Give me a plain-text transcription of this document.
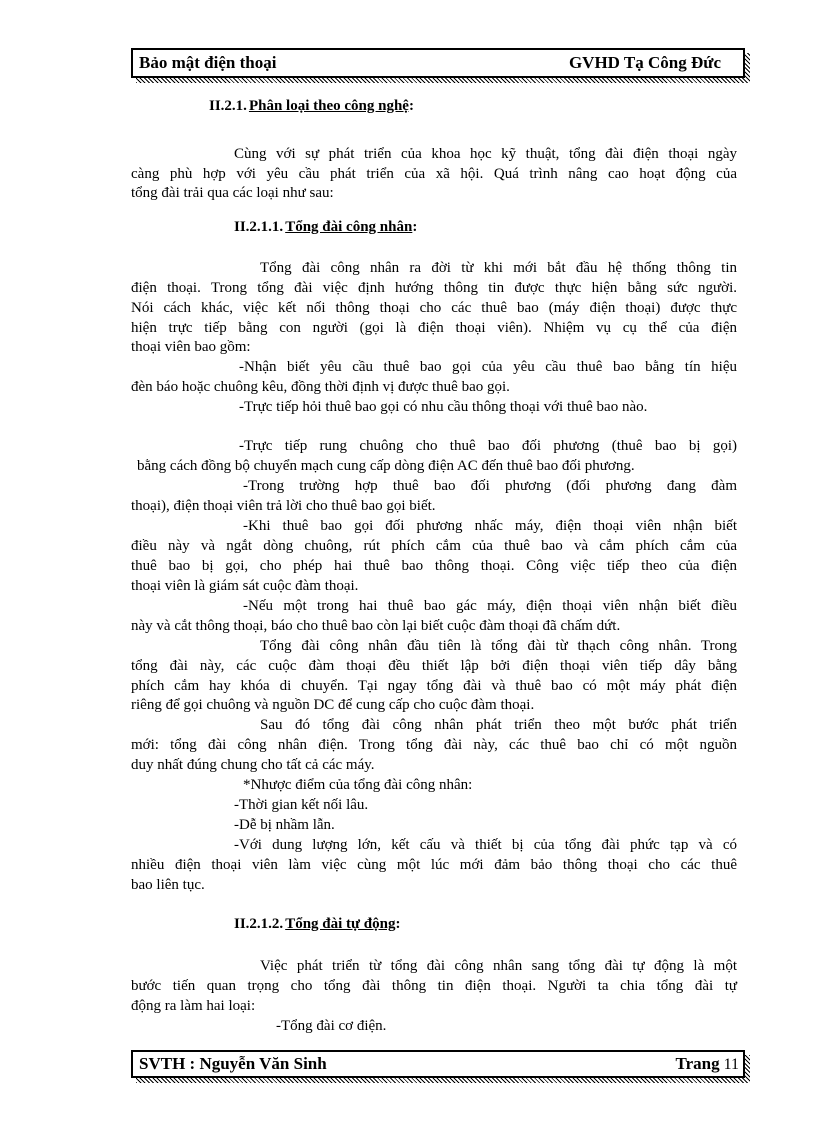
Bảo mật điện thoại	GVHD Tạ Công Đức
II.2.1. Phân loại theo công nghệ:
Cùng với sự phát triển của khoa học kỹ thuật, tổng đài điện thoại ngày
càng phù hợp với yêu cầu phát triển của xã hội. Quá trình nâng cao hoạt động của
tổng đài trải qua các loại như sau:
II.2.1.1. Tổng đài công nhân:
Tổng đài công nhân ra đời từ khi mới bắt đầu hệ thống thông tin
điện thoại. Trong tổng đài việc định hướng thông tin được thực hiện bằng sức người.
Nói cách khác, việc kết nối thông thoại cho các thuê bao (máy điện thoại) được thực
hiện trực tiếp bằng con người (gọi là điện thoại viên). Nhiệm vụ cụ thể của điện
thoại viên bao gồm:
-Nhận biết yêu cầu thuê bao gọi của yêu cầu thuê bao bằng tín hiệu
đèn báo hoặc chuông kêu, đồng thời định vị được thuê bao gọi.
-Trực tiếp hỏi thuê bao gọi có nhu cầu thông thoại với thuê bao nào.
-Trực tiếp rung chuông cho thuê bao đối phương (thuê bao bị gọi)
bằng cách đồng bộ chuyển mạch cung cấp dòng điện AC đến thuê bao đối phương.
-Trong trường hợp thuê bao đối phương (đối phương đang đàm
thoại), điện thoại viên trả lời cho thuê bao gọi biết.
-Khi thuê bao gọi đối phương nhấc máy, điện thoại viên nhận biết
điều này và ngắt dòng chuông, rút phích cắm của thuê bao và cắm phích cắm của
thuê bao bị gọi, cho phép hai thuê bao thông thoại. Công việc tiếp theo của điện
thoại viên là giám sát cuộc đàm thoại.
-Nếu một trong hai thuê bao gác máy, điện thoại viên nhận biết điều
này và cắt thông thoại, báo cho thuê bao còn lại biết cuộc đàm thoại đã chấm dứt.
Tổng đài công nhân đầu tiên là tổng đài từ thạch công nhân. Trong
tổng đài này, các cuộc đàm thoại đều thiết lập bởi điện thoại viên tiếp dây bằng
phích cắm hay khóa di chuyển. Tại ngay tổng đài và thuê bao có một máy phát điện
riêng để gọi chuông và nguồn DC để cung cấp cho cuộc đàm thoại.
Sau đó tổng đài công nhân phát triển theo một bước phát triển
mới: tổng đài công nhân điện. Trong tổng đài này, các thuê bao chỉ có một nguồn
duy nhất đúng chung cho tất cả các máy.
*Nhược điểm của tổng đài công nhân:
-Thời gian kết nối lâu.
-Dễ bị nhầm lẫn.
-Với dung lượng lớn, kết cấu và thiết bị của tổng đài phức tạp và có
nhiều điện thoại viên làm việc cùng một lúc mới đảm bảo thông thoại cho các thuê
bao liên tục.
II.2.1.2. Tổng đài tự động:
Việc phát triển từ tổng đài công nhân sang tổng đài tự động là một
bước tiến quan trọng cho tổng đài thông tin điện thoại. Người ta chia tổng đài tự
động ra làm hai loại:
-Tổng đài cơ điện.
SVTH : Nguyễn Văn Sinh	Trang 11
